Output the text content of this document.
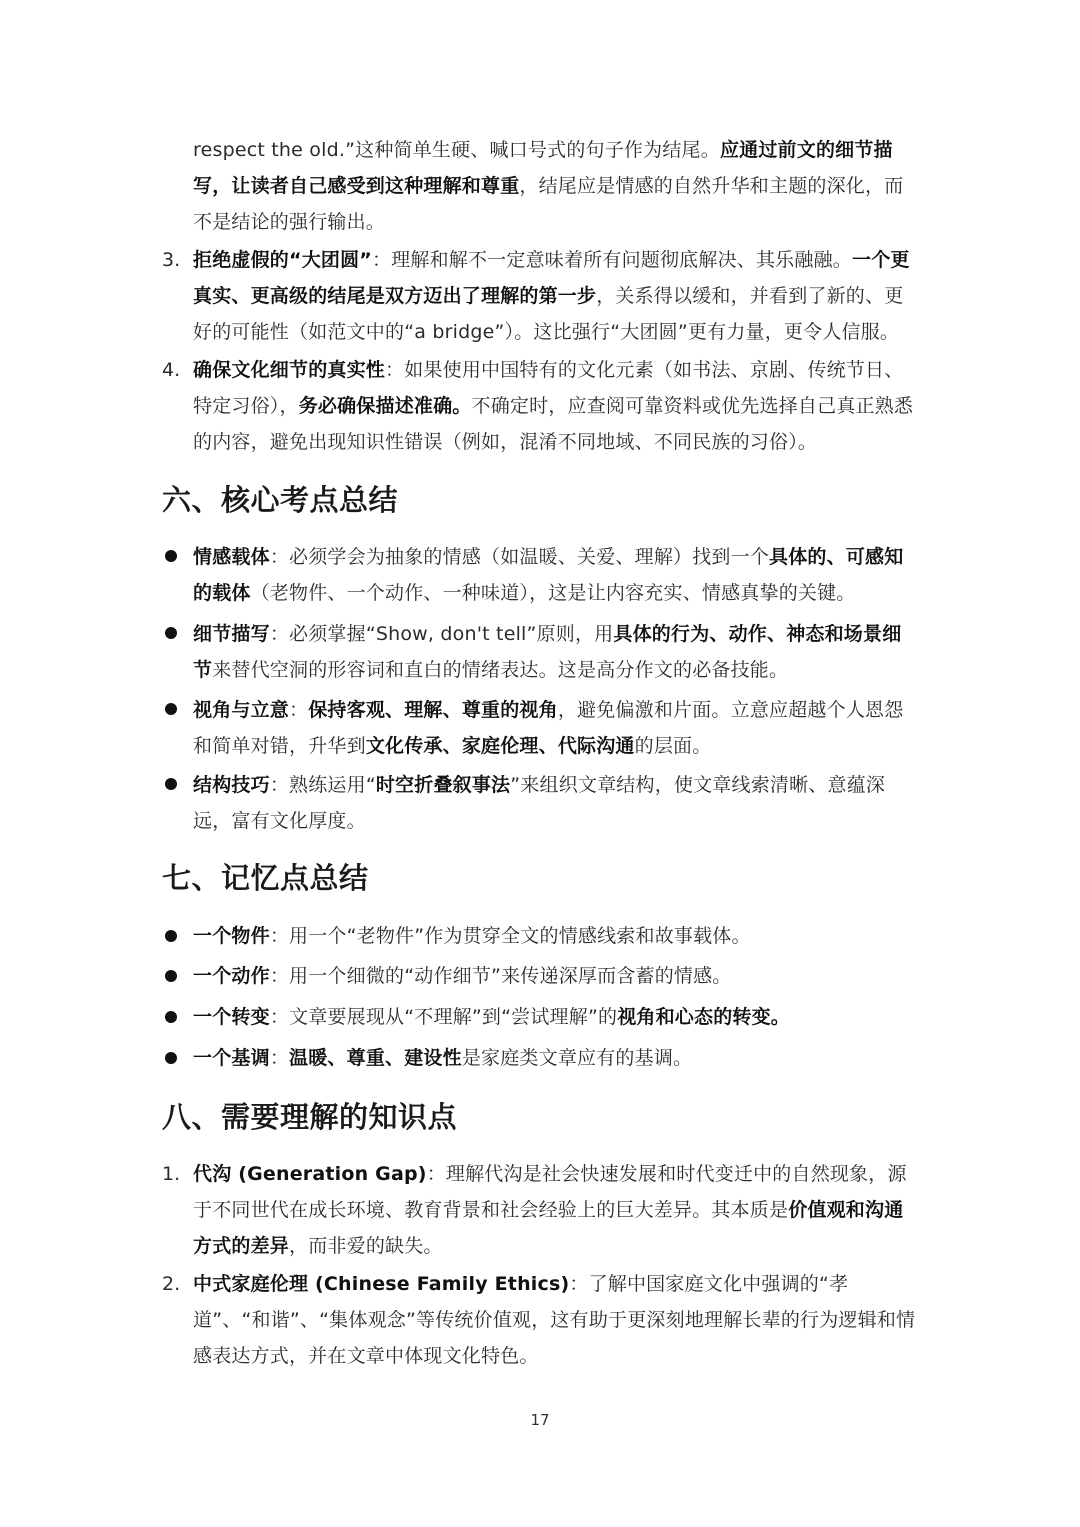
respect the old.”这种简单生硬、喊口号式的句子作为结尾。应通过前文的细节描写，让读者自己感受到这种理解和尊重，结尾应是情感的自然升华和主题的深化，而不是结论的强行输出。
3. 拒绝虚假的“大团圆”：理解和解不一定意味着所有问题彻底解决、其乐融融。一个更真实、更高级的结尾是双方迈出了理解的第一步，关系得以缓和，并看到了新的、更好的可能性（如范文中的“a bridge”）。这比强行“大团圆”更有力量，更令人信服。
4. 确保文化细节的真实性：如果使用中国特有的文化元素（如书法、京剧、传统节日、特定习俗），务必确保描述准确。不确定时，应查阅可靠资料或优先选择自己真正熟悉的内容，避免出现知识性错误（例如，混淆不同地域、不同民族的习俗）。
六、核心考点总结
情感载体：必须学会为抽象的情感（如温暖、关爱、理解）找到一个具体的、可感知的载体（老物件、一个动作、一种味道），这是让内容充实、情感真挚的关键。
细节描写：必须掌握“Show, don't tell”原则，用具体的行为、动作、神态和场景细节来替代空洞的形容词和直白的情绪表达。这是高分作文的必备技能。
视角与立意：保持客观、理解、尊重的视角，避免偏激和片面。立意应超越个人恩怨和简单对错，升华到文化传承、家庭伦理、代际沟通的层面。
结构技巧：熟练运用“时空折叠叙事法”来组织文章结构，使文章线索清晰、意蕴深远，富有文化厚度。
七、记忆点总结
一个物件：用一个“老物件”作为贯穿全文的情感线索和故事载体。
一个动作：用一个细微的“动作细节”来传递深厚而含蓄的情感。
一个转变：文章要展现从“不理解”到“尝试理解”的视角和心态的转变。
一个基调：温暖、尊重、建设性是家庭类文章应有的基调。
八、需要理解的知识点
1. 代沟 (Generation Gap)：理解代沟是社会快速发展和时代变迁中的自然现象，源于不同世代在成长环境、教育背景和社会经验上的巨大差异。其本质是价值观和沟通方式的差异，而非爱的缺失。
2. 中式家庭伦理 (Chinese Family Ethics)：了解中国家庭文化中强调的“孝道”、“和谐”、“集体观念”等传统价值观，这有助于更深刻地理解长辈的行为逻辑和情感表达方式，并在文章中体现文化特色。
17
